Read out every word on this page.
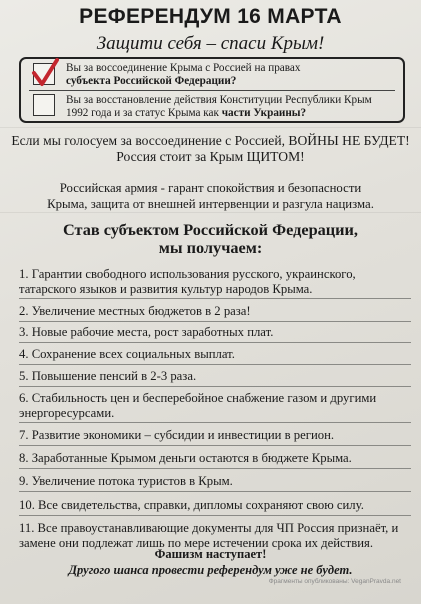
РЕФЕРЕНДУМ 16 МАРТА
Защити себя – спаси Крым!
Вы за воссоединение Крыма с Россией на правах
субъекта Российской Федерации?
Вы за восстановление действия Конституции Республики Крым
1992 года и за статус Крыма как части Украины?
Если мы голосуем за воссоединение с Россией, ВОЙНЫ НЕ БУДЕТ!
Россия стоит за Крым ЩИТОМ!
Российская армия - гарант спокойствия и безопасности
Крыма, защита от внешней интервенции и разгула нацизма.
Став субъектом Российской Федерации,
мы получаем:
1. Гарантии свободного использования русского, украинского, татарского языков и развития культур народов Крыма.
2. Увеличение местных бюджетов в 2 раза!
3. Новые рабочие места, рост заработных плат.
4. Сохранение всех социальных выплат.
5. Повышение пенсий в 2-3 раза.
6. Стабильность цен и бесперебойное снабжение газом и другими энергоресурсами.
7. Развитие экономики – субсидии и инвестиции в регион.
8. Заработанные Крымом деньги остаются в бюджете Крыма.
9. Увеличение потока туристов в Крым.
10. Все свидетельства, справки, дипломы сохраняют свою силу.
11. Все правоустанавливающие документы для ЧП Россия признаёт, и замене они подлежат лишь по мере истечении срока их действия.
Фашизм наступает!
Другого шанса провести референдум уже не будет.
Фрагменты опубликованы: VeganPravda.net
